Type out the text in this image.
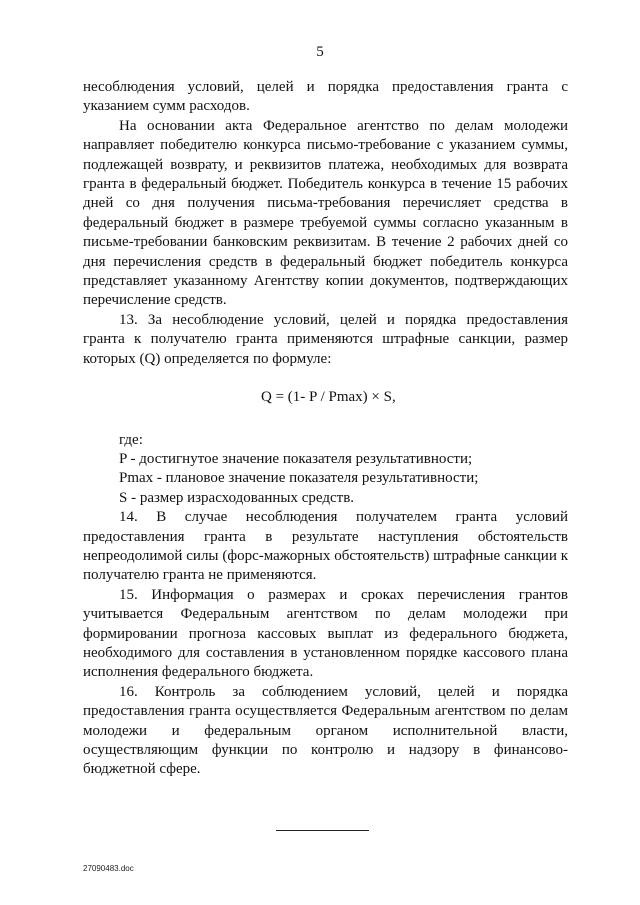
5

несоблюдения условий, целей и порядка предоставления гранта с указанием сумм расходов.

На основании акта Федеральное агентство по делам молодежи направляет победителю конкурса письмо-требование с указанием суммы, подлежащей возврату, и реквизитов платежа, необходимых для возврата гранта в федеральный бюджет. Победитель конкурса в течение 15 рабочих дней со дня получения письма-требования перечисляет средства в федеральный бюджет в размере требуемой суммы согласно указанным в письме-требовании банковским реквизитам. В течение 2 рабочих дней со дня перечисления средств в федеральный бюджет победитель конкурса представляет указанному Агентству копии документов, подтверждающих перечисление средств.

13. За несоблюдение условий, целей и порядка предоставления гранта к получателю гранта применяются штрафные санкции, размер которых (Q) определяется по формуле:

Q = (1- P / Pmax) × S,

где:

P - достигнутое значение показателя результативности;

Pmax - плановое значение показателя результативности;

S - размер израсходованных средств.

14. В случае несоблюдения получателем гранта условий предоставления гранта в результате наступления обстоятельств непреодолимой силы (форс-мажорных обстоятельств) штрафные санкции к получателю гранта не применяются.

15. Информация о размерах и сроках перечисления грантов учитывается Федеральным агентством по делам молодежи при формировании прогноза кассовых выплат из федерального бюджета, необходимого для составления в установленном порядке кассового плана исполнения федерального бюджета.

16. Контроль за соблюдением условий, целей и порядка предоставления гранта осуществляется Федеральным агентством по делам молодежи и федеральным органом исполнительной власти, осуществляющим функции по контролю и надзору в финансово-бюджетной сфере.

27090483.doc
